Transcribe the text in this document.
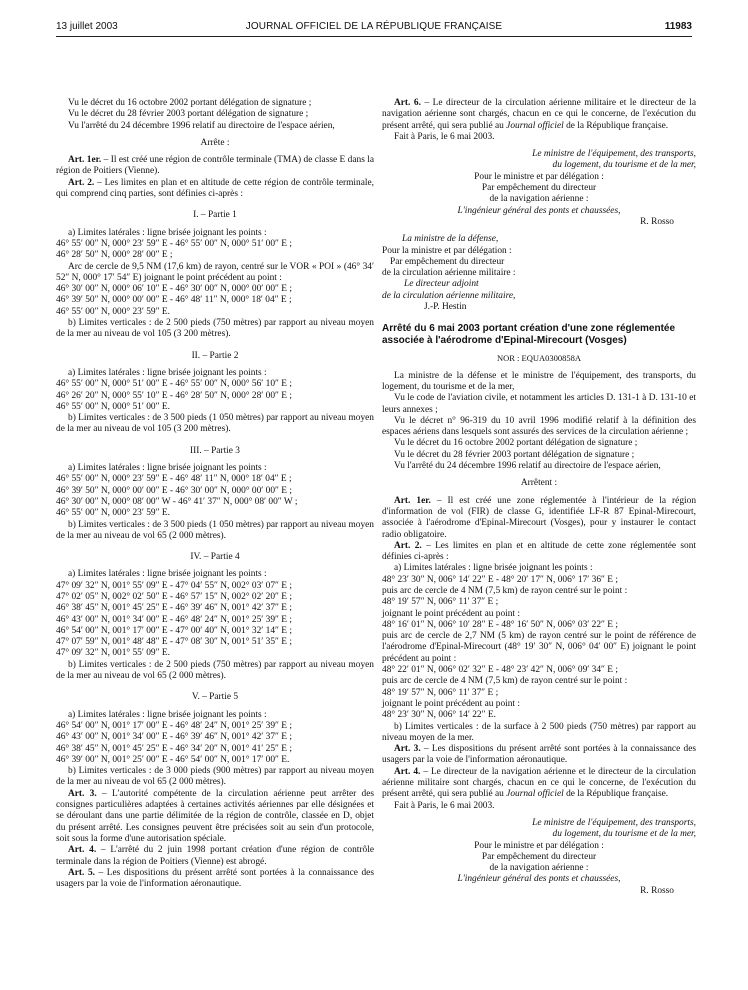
13 juillet 2003	JOURNAL OFFICIEL DE LA RÉPUBLIQUE FRANÇAISE	11983

Vu le décret du 16 octobre 2002 portant délégation de signature ;

Vu le décret du 28 février 2003 portant délégation de signature ;

Vu l'arrêté du 24 décembre 1996 relatif au directoire de l'espace aérien,

Arrête :

Art. 1er. – Il est créé une région de contrôle terminale (TMA) de classe E dans la région de Poitiers (Vienne).

Art. 2. – Les limites en plan et en altitude de cette région de contrôle terminale, qui comprend cinq parties, sont définies ci-après :

I. – Partie 1

a) Limites latérales : ligne brisée joignant les points :

46° 55′ 00″ N, 000° 23′ 59″ E - 46° 55′ 00″ N, 000° 51′ 00″ E ;

46° 28′ 50″ N, 000° 28′ 00″ E ;

Arc de cercle de 9,5 NM (17,6 km) de rayon, centré sur le VOR « POI » (46° 34′ 52″ N, 000° 17′ 54″ E) joignant le point précédent au point :

46° 30′ 00″ N, 000° 06′ 10″ E - 46° 30′ 00″ N, 000° 00′ 00″ E ;

46° 39′ 50″ N, 000° 00′ 00″ E - 46° 48′ 11″ N, 000° 18′ 04″ E ;

46° 55′ 00″ N, 000° 23′ 59″ E.

b) Limites verticales : de 2 500 pieds (750 mètres) par rapport au niveau moyen de la mer au niveau de vol 105 (3 200 mètres).

II. – Partie 2

a) Limites latérales : ligne brisée joignant les points :

46° 55′ 00″ N, 000° 51′ 00″ E - 46° 55′ 00″ N, 000° 56′ 10″ E ;

46° 26′ 20″ N, 000° 55′ 10″ E - 46° 28′ 50″ N, 000° 28′ 00″ E ;

46° 55′ 00″ N, 000° 51′ 00″ E.

b) Limites verticales : de 3 500 pieds (1 050 mètres) par rapport au niveau moyen de la mer au niveau de vol 105 (3 200 mètres).

III. – Partie 3

a) Limites latérales : ligne brisée joignant les points :

46° 55′ 00″ N, 000° 23′ 59″ E - 46° 48′ 11″ N, 000° 18′ 04″ E ;

46° 39′ 50″ N, 000° 00′ 00″ E - 46° 30′ 00″ N, 000° 00′ 00″ E ;

46° 30′ 00″ N, 000° 08′ 00″ W - 46° 41′ 37″ N, 000° 08′ 00″ W ;

46° 55′ 00″ N, 000° 23′ 59″ E.

b) Limites verticales : de 3 500 pieds (1 050 mètres) par rapport au niveau moyen de la mer au niveau de vol 65 (2 000 mètres).

IV. – Partie 4

a) Limites latérales : ligne brisée joignant les points :

47° 09′ 32″ N, 001° 55′ 09″ E - 47° 04′ 55″ N, 002° 03′ 07″ E ;

47° 02′ 05″ N, 002° 02′ 50″ E - 46° 57′ 15″ N, 002° 02′ 20″ E ;

46° 38′ 45″ N, 001° 45′ 25″ E - 46° 39′ 46″ N, 001° 42′ 37″ E ;

46° 43′ 00″ N, 001° 34′ 00″ E - 46° 48′ 24″ N, 001° 25′ 39″ E ;

46° 54′ 00″ N, 001° 17′ 00″ E - 47° 00′ 40″ N, 001° 32′ 14″ E ;

47° 07′ 59″ N, 001° 48′ 48″ E - 47° 08′ 30″ N, 001° 51′ 35″ E ;

47° 09′ 32″ N, 001° 55′ 09″ E.

b) Limites verticales : de 2 500 pieds (750 mètres) par rapport au niveau moyen de la mer au niveau de vol 65 (2 000 mètres).

V. – Partie 5

a) Limites latérales : ligne brisée joignant les points :

46° 54′ 00″ N, 001° 17′ 00″ E - 46° 48′ 24″ N, 001° 25′ 39″ E ;

46° 43′ 00″ N, 001° 34′ 00″ E - 46° 39′ 46″ N, 001° 42′ 37″ E ;

46° 38′ 45″ N, 001° 45′ 25″ E - 46° 34′ 20″ N, 001° 41′ 25″ E ;

46° 39′ 00″ N, 001° 25′ 00″ E - 46° 54′ 00″ N, 001° 17′ 00″ E.

b) Limites verticales : de 3 000 pieds (900 mètres) par rapport au niveau moyen de la mer au niveau de vol 65 (2 000 mètres).

Art. 3. – L'autorité compétente de la circulation aérienne peut arrêter des consignes particulières adaptées à certaines activités aériennes par elle désignées et se déroulant dans une partie délimitée de la région de contrôle, classée en D, objet du présent arrêté. Les consignes peuvent être précisées soit au sein d'un protocole, soit sous la forme d'une autorisation spéciale.

Art. 4. – L'arrêté du 2 juin 1998 portant création d'une région de contrôle terminale dans la région de Poitiers (Vienne) est abrogé.

Art. 5. – Les dispositions du présent arrêté sont portées à la connaissance des usagers par la voie de l'information aéronautique.

Art. 6. – Le directeur de la circulation aérienne militaire et le directeur de la navigation aérienne sont chargés, chacun en ce qui le concerne, de l'exécution du présent arrêté, qui sera publié au Journal officiel de la République française.

Fait à Paris, le 6 mai 2003.

Le ministre de l'équipement, des transports,

du logement, du tourisme et de la mer,

Pour le ministre et par délégation :

Par empêchement du directeur

de la navigation aérienne :

L'ingénieur général des ponts et chaussées,

R. Rosso

La ministre de la défense,

Pour la ministre et par délégation :

Par empêchement du directeur

de la circulation aérienne militaire :

Le directeur adjoint

de la circulation aérienne militaire,

J.-P. Hestin

Arrêté du 6 mai 2003 portant création d'une zone réglementée associée à l'aérodrome d'Epinal-Mirecourt (Vosges)

NOR : EQUA0300858A

La ministre de la défense et le ministre de l'équipement, des transports, du logement, du tourisme et de la mer,

Vu le code de l'aviation civile, et notamment les articles D. 131-1 à D. 131-10 et leurs annexes ;

Vu le décret n° 96-319 du 10 avril 1996 modifié relatif à la définition des espaces aériens dans lesquels sont assurés des services de la circulation aérienne ;

Vu le décret du 16 octobre 2002 portant délégation de signature ;

Vu le décret du 28 février 2003 portant délégation de signature ;

Vu l'arrêté du 24 décembre 1996 relatif au directoire de l'espace aérien,

Arrêtent :

Art. 1er. – Il est créé une zone réglementée à l'intérieur de la région d'information de vol (FIR) de classe G, identifiée LF-R 87 Epinal-Mirecourt, associée à l'aérodrome d'Epinal-Mirecourt (Vosges), pour y instaurer le contact radio obligatoire.

Art. 2. – Les limites en plan et en altitude de cette zone réglementée sont définies ci-après :

a) Limites latérales : ligne brisée joignant les points :

48° 23′ 30″ N, 006° 14′ 22″ E - 48° 20′ 17″ N, 006° 17′ 36″ E ;

puis arc de cercle de 4 NM (7,5 km) de rayon centré sur le point :

48° 19′ 57″ N, 006° 11′ 37″ E ;

joignant le point précédent au point :

48° 16′ 01″ N, 006° 10′ 28″ E - 48° 16′ 50″ N, 006° 03′ 22″ E ;

puis arc de cercle de 2,7 NM (5 km) de rayon centré sur le point de référence de l'aérodrome d'Epinal-Mirecourt (48° 19′ 30″ N, 006° 04′ 00″ E) joignant le point précédent au point :

48° 22′ 01″ N, 006° 02′ 32″ E - 48° 23′ 42″ N, 006° 09′ 34″ E ;

puis arc de cercle de 4 NM (7,5 km) de rayon centré sur le point :

48° 19′ 57″ N, 006° 11′ 37″ E ;

joignant le point précédent au point :

48° 23′ 30″ N, 006° 14′ 22″ E.

b) Limites verticales : de la surface à 2 500 pieds (750 mètres) par rapport au niveau moyen de la mer.

Art. 3. – Les dispositions du présent arrêté sont portées à la connaissance des usagers par la voie de l'information aéronautique.

Art. 4. – Le directeur de la navigation aérienne et le directeur de la circulation aérienne militaire sont chargés, chacun en ce qui le concerne, de l'exécution du présent arrêté, qui sera publié au Journal officiel de la République française.

Fait à Paris, le 6 mai 2003.

Le ministre de l'équipement, des transports,

du logement, du tourisme et de la mer,

Pour le ministre et par délégation :

Par empêchement du directeur

de la navigation aérienne :

L'ingénieur général des ponts et chaussées,

R. Rosso
